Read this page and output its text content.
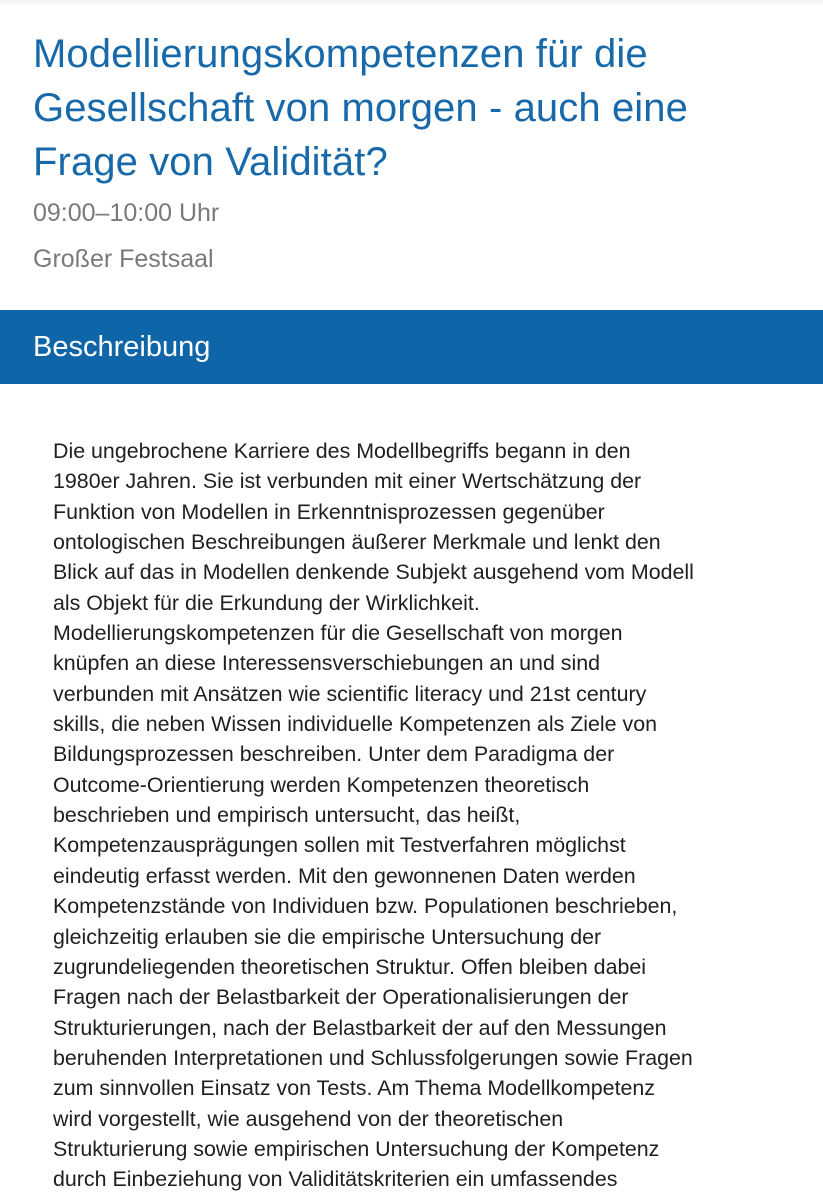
Modellierungskompetenzen für die Gesellschaft von morgen - auch eine Frage von Validität?
09:00–10:00 Uhr
Großer Festsaal
Beschreibung

Die ungebrochene Karriere des Modellbegriffs begann in den
1980er Jahren. Sie ist verbunden mit einer Wertschätzung der
Funktion von Modellen in Erkenntnisprozessen gegenüber
ontologischen Beschreibungen äußerer Merkmale und lenkt den
Blick auf das in Modellen denkende Subjekt ausgehend vom Modell
als Objekt für die Erkundung der Wirklichkeit.
Modellierungskompetenzen für die Gesellschaft von morgen
knüpfen an diese Interessensverschiebungen an und sind
verbunden mit Ansätzen wie scientific literacy und 21st century
skills, die neben Wissen individuelle Kompetenzen als Ziele von
Bildungsprozessen beschreiben. Unter dem Paradigma der
Outcome-Orientierung werden Kompetenzen theoretisch
beschrieben und empirisch untersucht, das heißt,
Kompetenzausprägungen sollen mit Testverfahren möglichst
eindeutig erfasst werden. Mit den gewonnenen Daten werden
Kompetenzstände von Individuen bzw. Populationen beschrieben,
gleichzeitig erlauben sie die empirische Untersuchung der
zugrundeliegenden theoretischen Struktur. Offen bleiben dabei
Fragen nach der Belastbarkeit der Operationalisierungen der
Strukturierungen, nach der Belastbarkeit der auf den Messungen
beruhenden Interpretationen und Schlussfolgerungen sowie Fragen
zum sinnvollen Einsatz von Tests. Am Thema Modellkompetenz
wird vorgestellt, wie ausgehend von der theoretischen
Strukturierung sowie empirischen Untersuchung der Kompetenz
durch Einbeziehung von Validitätskriterien ein umfassendes
